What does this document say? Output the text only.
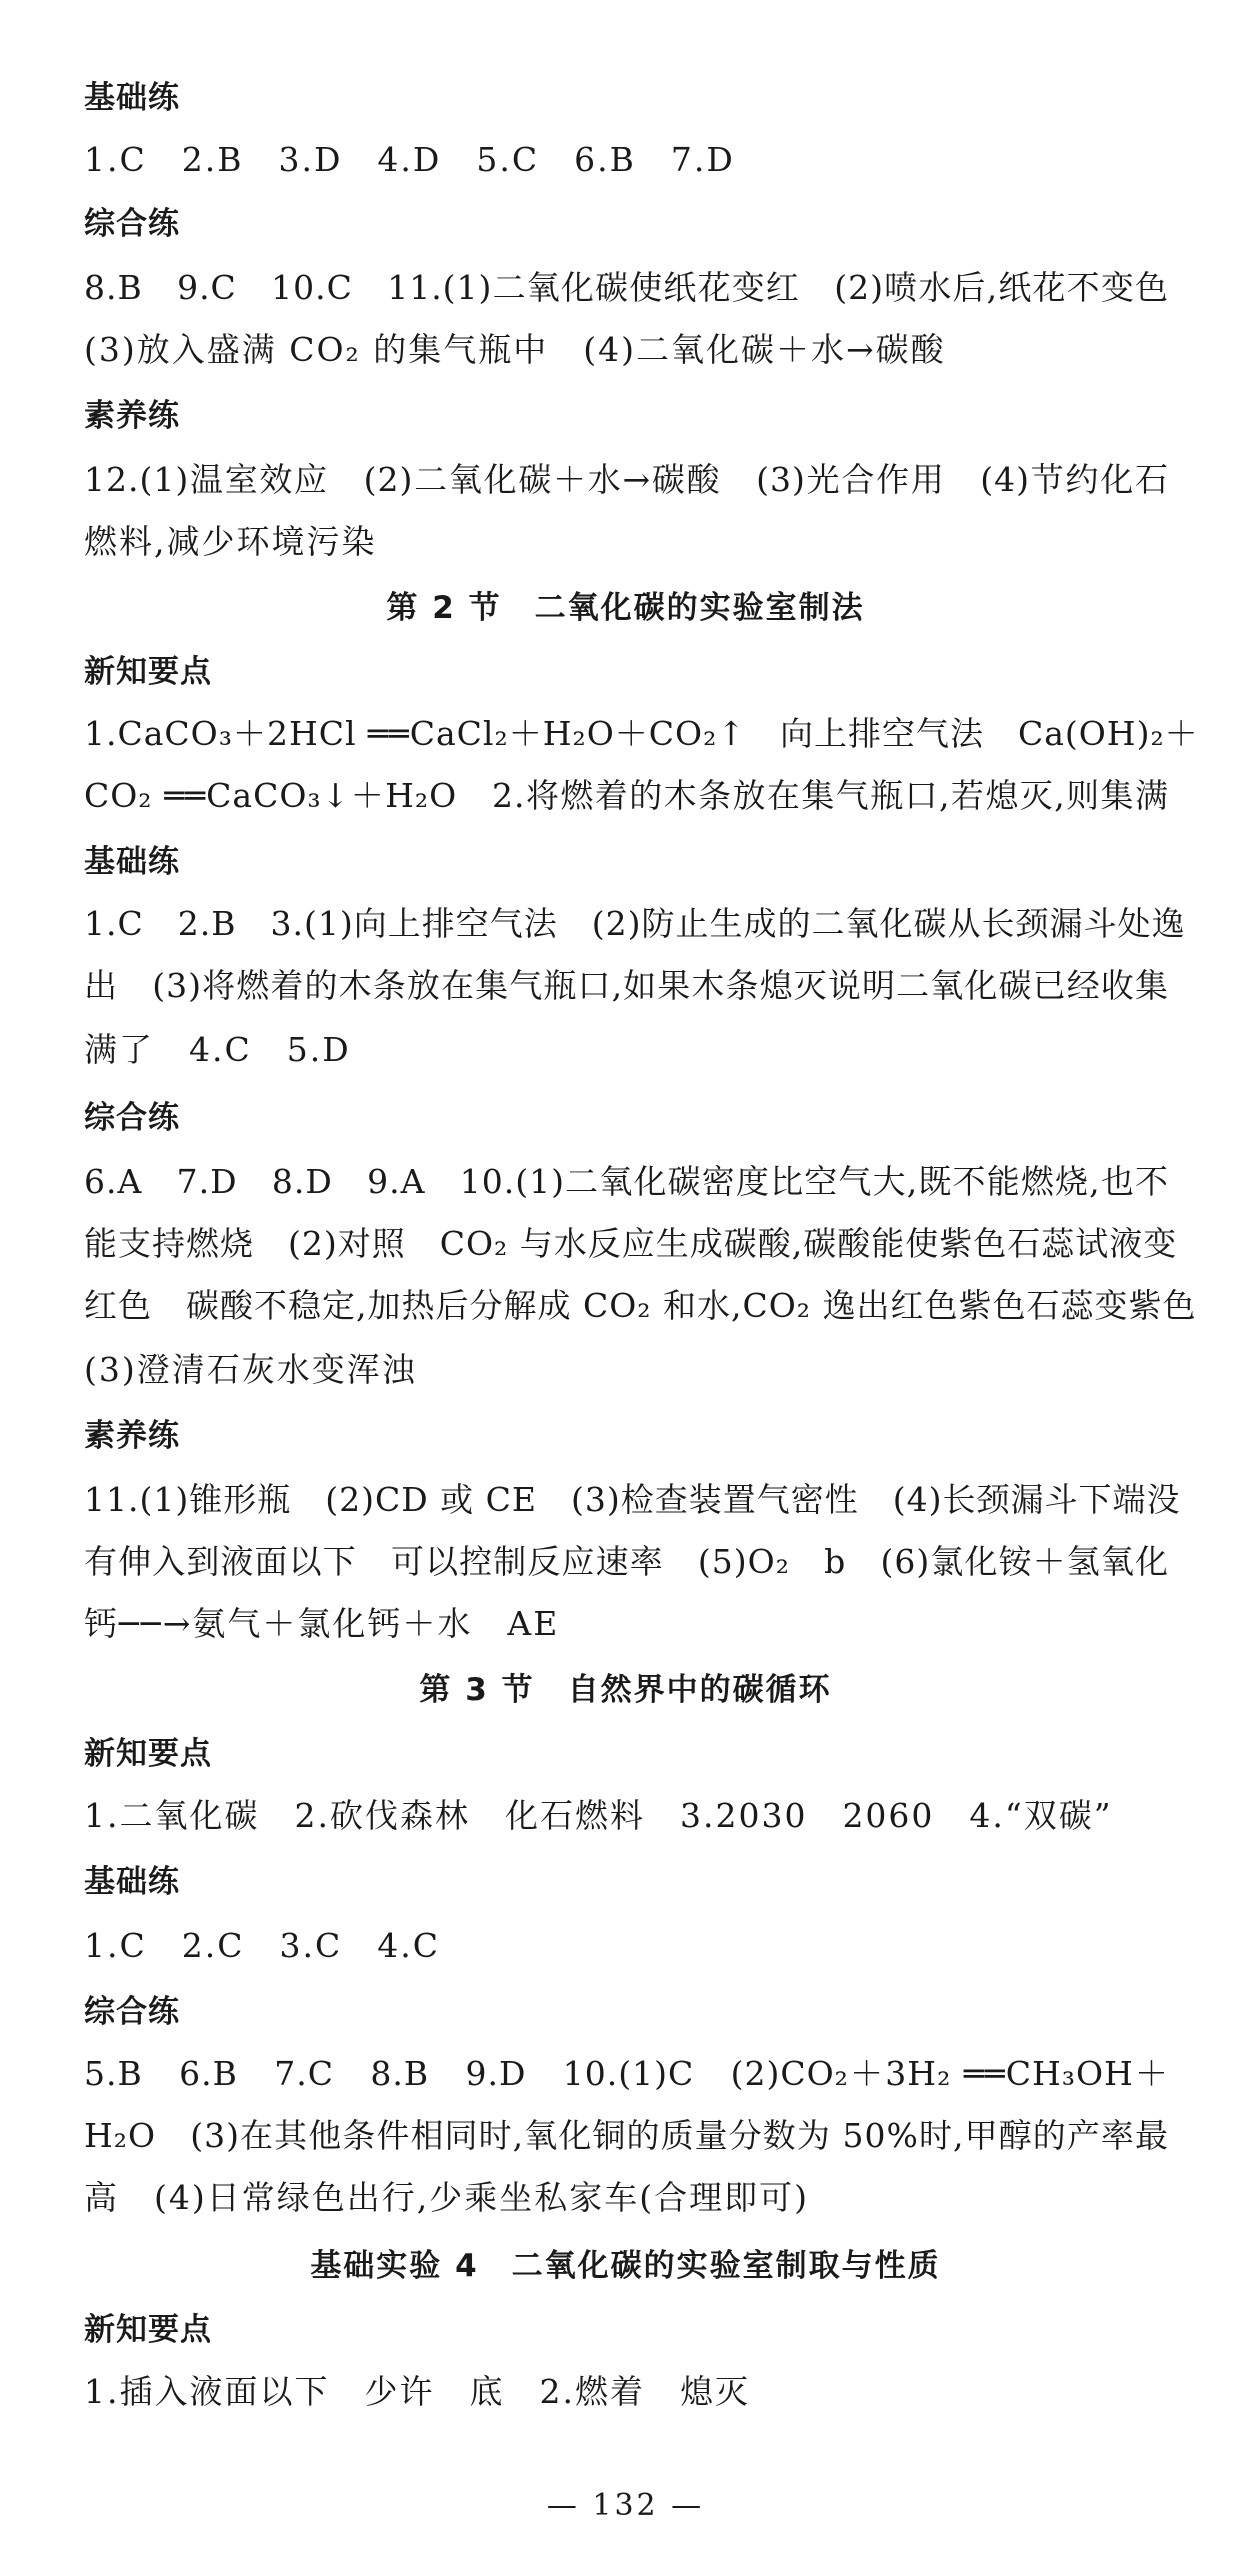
基础练
1.C　2.B　3.D　4.D　5.C　6.B　7.D
综合练
8.B　9.C　10.C　11.(1)二氧化碳使纸花变红　(2)喷水后,纸花不变色
(3)放入盛满 CO₂ 的集气瓶中　(4)二氧化碳＋水→碳酸
素养练
12.(1)温室效应　(2)二氧化碳＋水→碳酸　(3)光合作用　(4)节约化石
燃料,减少环境污染
第 2 节　二氧化碳的实验室制法
新知要点
1.CaCO₃＋2HCl ══CaCl₂＋H₂O＋CO₂↑　向上排空气法　Ca(OH)₂＋
CO₂ ══CaCO₃↓＋H₂O　2.将燃着的木条放在集气瓶口,若熄灭,则集满
基础练
1.C　2.B　3.(1)向上排空气法　(2)防止生成的二氧化碳从长颈漏斗处逸
出　(3)将燃着的木条放在集气瓶口,如果木条熄灭说明二氧化碳已经收集
满了　4.C　5.D
综合练
6.A　7.D　8.D　9.A　10.(1)二氧化碳密度比空气大,既不能燃烧,也不
能支持燃烧　(2)对照　CO₂ 与水反应生成碳酸,碳酸能使紫色石蕊试液变
红色　碳酸不稳定,加热后分解成 CO₂ 和水,CO₂ 逸出红色紫色石蕊变紫色
(3)澄清石灰水变浑浊
素养练
11.(1)锥形瓶　(2)CD 或 CE　(3)检查装置气密性　(4)长颈漏斗下端没
有伸入到液面以下　可以控制反应速率　(5)O₂　b　(6)氯化铵＋氢氧化
钙──→氨气＋氯化钙＋水　AE
第 3 节　自然界中的碳循环
新知要点
1.二氧化碳　2.砍伐森林　化石燃料　3.2030　2060　4.“双碳”
基础练
1.C　2.C　3.C　4.C
综合练
5.B　6.B　7.C　8.B　9.D　10.(1)C　(2)CO₂＋3H₂ ══CH₃OH＋
H₂O　(3)在其他条件相同时,氧化铜的质量分数为 50%时,甲醇的产率最
高　(4)日常绿色出行,少乘坐私家车(合理即可)
基础实验 4　二氧化碳的实验室制取与性质
新知要点
1.插入液面以下　少许　底　2.燃着　熄灭
— 132 —
